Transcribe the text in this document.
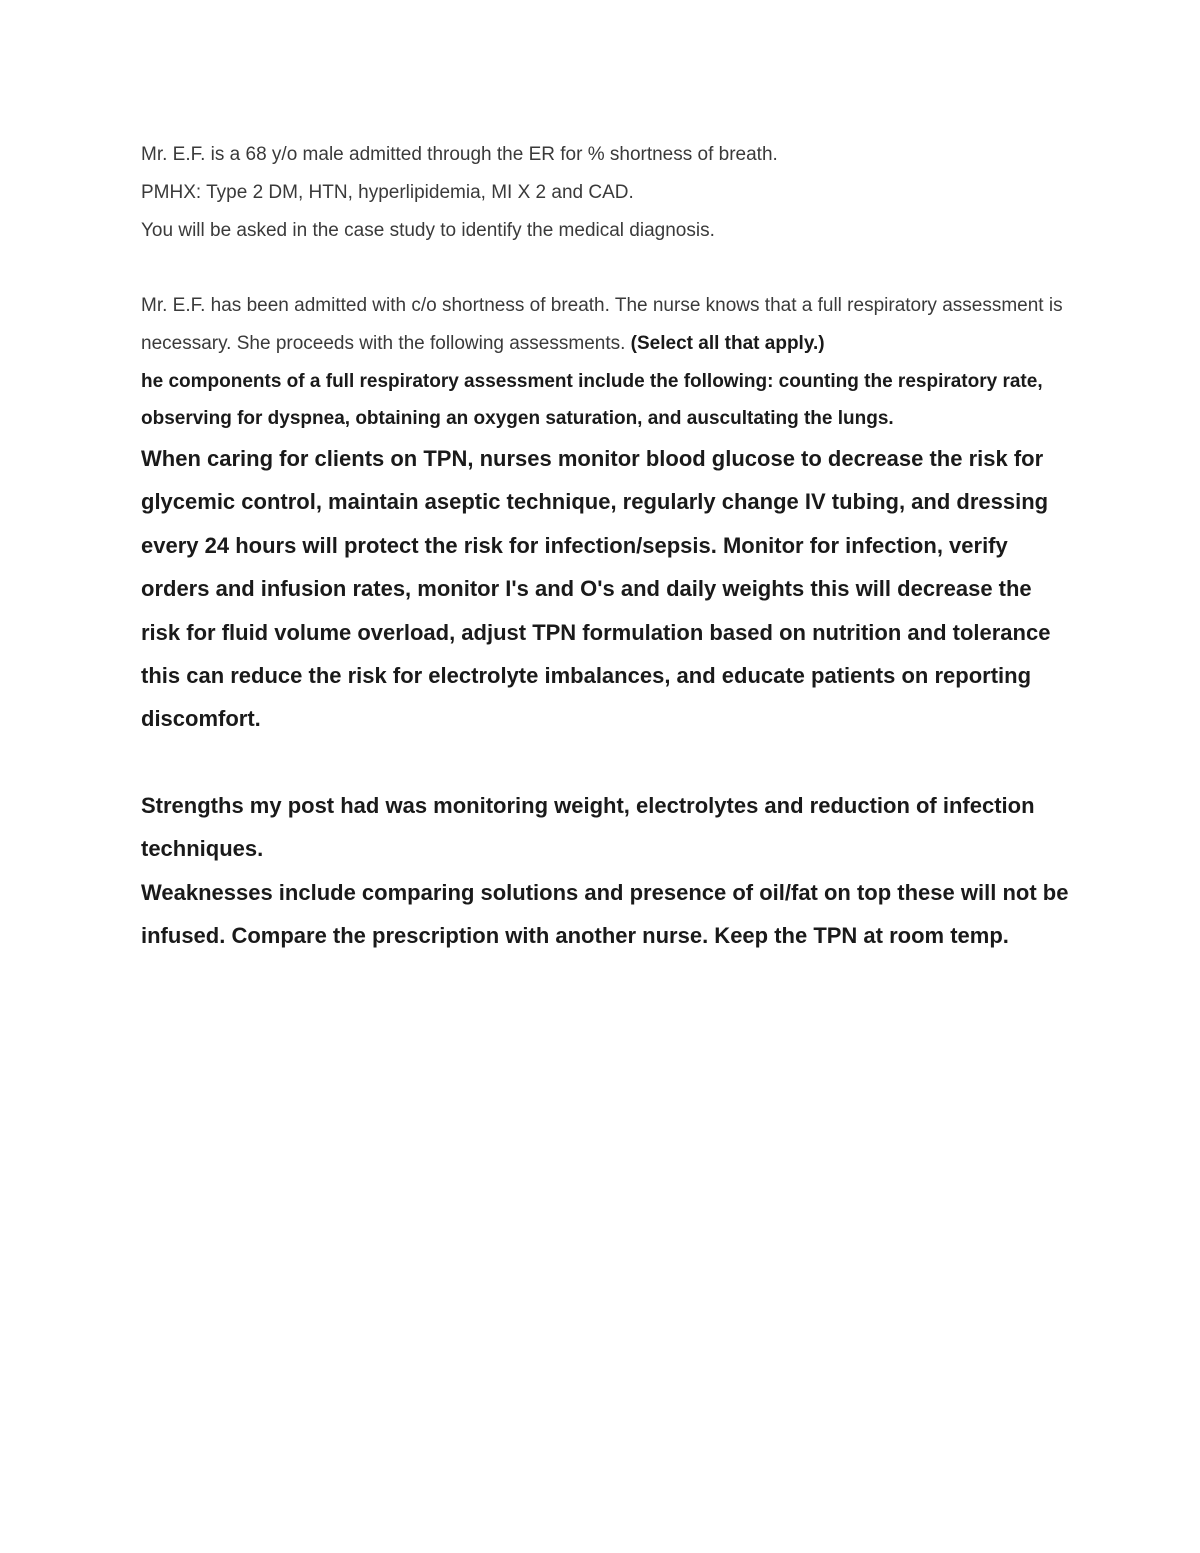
Mr. E.F. is a 68 y/o male admitted through the ER for % shortness of breath.

PMHX: Type 2 DM, HTN, hyperlipidemia, MI X 2 and CAD.

You will be asked in the case study to identify the medical diagnosis.

Mr. E.F. has been admitted with c/o shortness of breath. The nurse knows that a full respiratory assessment is necessary. She proceeds with the following assessments. (Select all that apply.)

he components of a full respiratory assessment include the following: counting the respiratory rate, observing for dyspnea, obtaining an oxygen saturation, and auscultating the lungs.

When caring for clients on TPN, nurses monitor blood glucose to decrease the risk for glycemic control, maintain aseptic technique, regularly change IV tubing, and dressing every 24 hours will protect the risk for infection/sepsis. Monitor for infection, verify orders and infusion rates, monitor I's and O's and daily weights this will decrease the risk for fluid volume overload, adjust TPN formulation based on nutrition and tolerance this can reduce the risk for electrolyte imbalances, and educate patients on reporting discomfort.

Strengths my post had was monitoring weight, electrolytes and reduction of infection techniques.

Weaknesses include comparing solutions and presence of oil/fat on top these will not be infused. Compare the prescription with another nurse. Keep the TPN at room temp.
